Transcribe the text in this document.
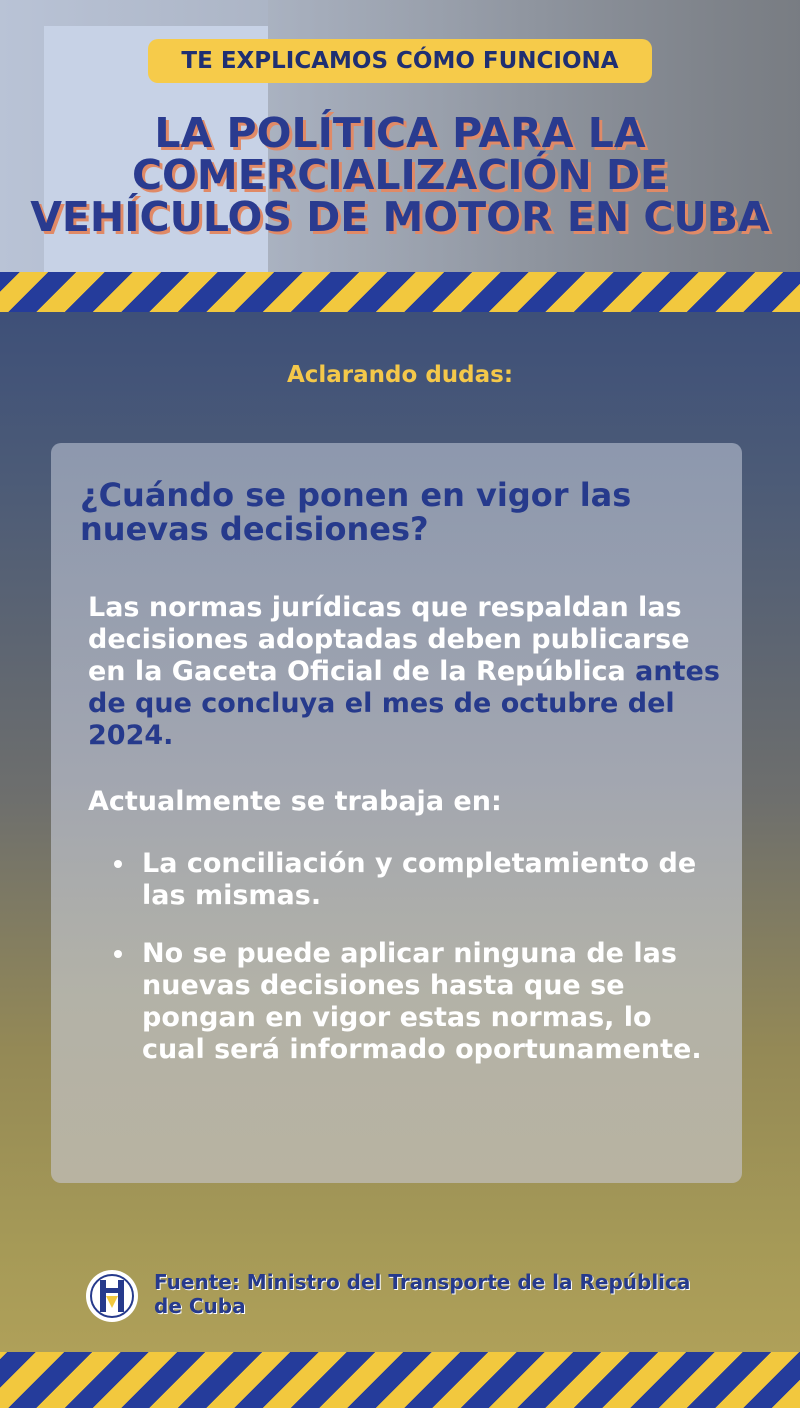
TE EXPLICAMOS CÓMO FUNCIONA
LA POLÍTICA PARA LA
COMERCIALIZACIÓN DE
VEHÍCULOS DE MOTOR EN CUBA
Aclarando dudas:
¿Cuándo se ponen en vigor las nuevas decisiones?
Las normas jurídicas que respaldan las decisiones adoptadas deben publicarse en la Gaceta Oficial de la República antes de que concluya el mes de octubre del 2024.
Actualmente se trabaja en:
La conciliación y completamiento de las mismas.
No se puede aplicar ninguna de las nuevas decisiones hasta que se pongan en vigor estas normas, lo cual será informado oportunamente.
Fuente: Ministro del Transporte de la República de Cuba
